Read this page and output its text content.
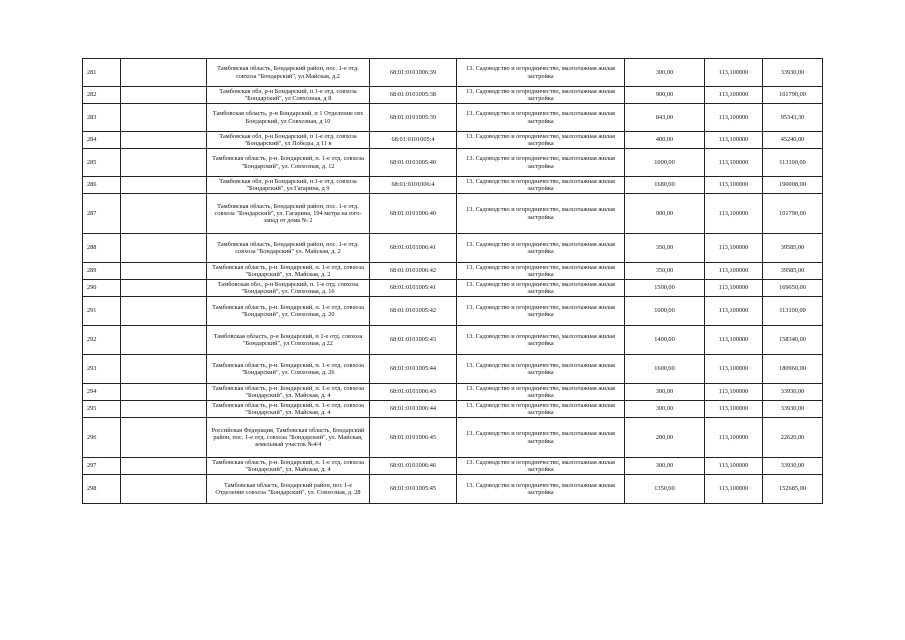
281		Тамбовская область, Бондарский район, пос. 1-е отд. совхоза "Бондарский", ул.Майская, д.2	68:01:0101006:39	13. Садоводство и огородничество, малоэтажная жилая застройка	300,00	113,100000	33930,00
282		Тамбовская обл, р-н Бондарский, п 1-е отд. совхоза "Бондарский", ул Совхозная, д 8	68:01:0101005:38	13. Садоводство и огородничество, малоэтажная жилая застройка	900,00	113,100000	101790,00
283		Тамбовская область, р-н Бондарский, п 1 Отделение свх Бондарский, ул Совхозная, д 10	68:01:0101005:39	13. Садоводство и огородничество, малоэтажная жилая застройка	843,00	113,100000	95343,30
284		Тамбовская обл, р-н Бондарский, п 1-е отд. совхоза "Бондарский", ул Победы, д 11 в	68:01:0101005:4	13. Садоводство и огородничество, малоэтажная жилая застройка	400,00	113,100000	45240,00
285		Тамбовская область, р-н. Бондарский, п. 1-е отд. совхоза "Бондарский", ул. Совхозная, д. 12	68:01:0101005:40	13. Садоводство и огородничество, малоэтажная жилая застройка	1000,00	113,100000	113100,00
286		Тамбовская обл, р-н Бондарский, п 1-е отд. совхоза "Бондарский", ул Гагарина, д 9	68:01:0101006:4	13. Садоводство и огородничество, малоэтажная жилая застройка	1680,00	113,100000	190008,00
287		Тамбовская область, Бондарский район, пос. 1-е отд. совхоза "Бондарский", ул. Гагарина, 194 метра на юго-запад от дома № 2	68:01:0101006:40	13. Садоводство и огородничество, малоэтажная жилая застройка	900,00	113,100000	101790,00
288		Тамбовская область, Бондарский район, пос. 1-е отд. совхоза "Бондарский" ул. Майская, д. 2	68:01:0101006:41	13. Садоводство и огородничество, малоэтажная жилая застройка	350,00	113,100000	39585,00
289		Тамбовская область, р-н. Бондарский, п. 1-е отд. совхоза "Бондарский", ул. Майская, д. 2	68:01:0101006:42	13. Садоводство и огородничество, малоэтажная жилая застройка	350,00	113,100000	39585,00
290		Тамбовская обл., р-н Бондарский, п. 1-е отд. совхоза "Бондарский", ул. Совхозная, д. 16	68:01:0101005:41	13. Садоводство и огородничество, малоэтажная жилая застройка	1500,00	113,100000	169650,00
291		Тамбовская область, р-н. Бондарский, п. 1-е отд. совхоза "Бондарский", ул. Совхозная, д. 20	68:01:0101005:42	13. Садоводство и огородничество, малоэтажная жилая застройка	1000,00	113,100000	113100,00
292		Тамбовская область, р-н Бондарский, п 1-е отд. совхоза "Бондарский", ул Совхозная, д 22	68:01:0101005:43	13. Садоводство и огородничество, малоэтажная жилая застройка	1400,00	113,100000	158340,00
293		Тамбовская область, р-н. Бондарский, п. 1-е отд. совхоза "Бондарский", ул. Совхозная, д. 26	68:01:0101005:44	13. Садоводство и огородничество, малоэтажная жилая застройка	1600,00	113,100000	180960,00
294		Тамбовская область, р-н. Бондарский, п. 1-е отд. совхоза "Бондарский", ул. Майская, д. 4	68:01:0101006:43	13. Садоводство и огородничество, малоэтажная жилая застройка	300,00	113,100000	33930,00
295		Тамбовская область, р-н. Бондарский, п. 1-е отд. совхоза "Бондарский", ул. Майская, д. 4	68:01:0101006:44	13. Садоводство и огородничество, малоэтажная жилая застройка	300,00	113,100000	33930,00
296		Российская Федерация, Тамбовская область, Бондарский район, пос. 1-е отд. совхоза "Бондарский", ул. Майская, земельный участок №4/4	68:01:0101006:45	13. Садоводство и огородничество, малоэтажная жилая застройка	200,00	113,100000	22620,00
297		Тамбовская область, р-н. Бондарский, п. 1-е отд. совхоза "Бондарский", ул. Майская, д. 4	68:01:0101006:46	13. Садоводство и огородничество, малоэтажная жилая застройка	300,00	113,100000	33930,00
298		Тамбовская область, Бондарский район, пос 1-е Отделение совхоза "Бондарский", ул. Совхозная, д. 28	68:01:0101005:45	13. Садоводство и огородничество, малоэтажная жилая застройка	1350,00	113,100000	152685,00
